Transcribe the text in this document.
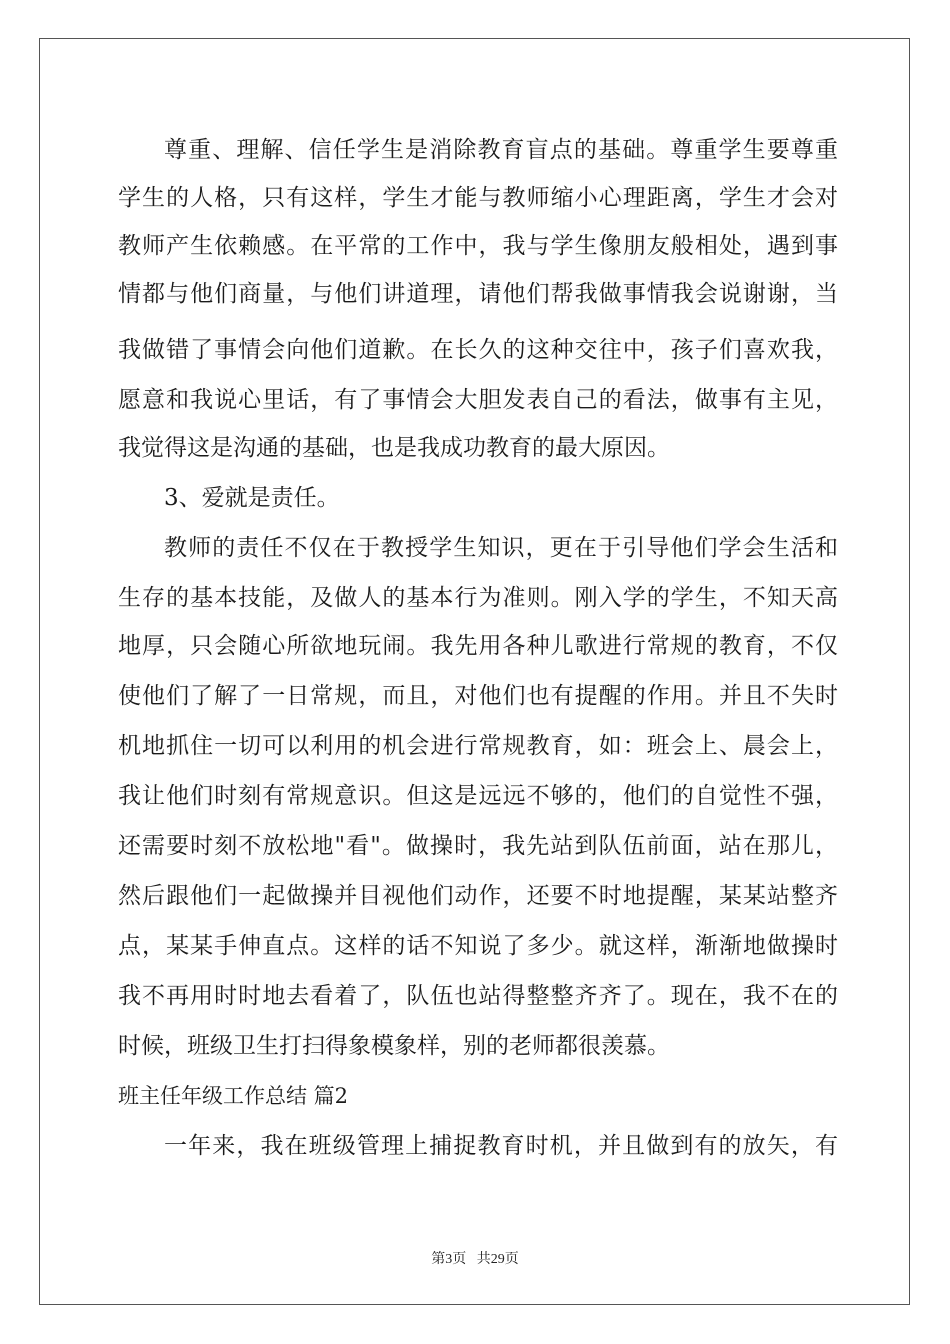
尊重、理解、信任学生是消除教育盲点的基础。尊重学生要尊重
学生的人格，只有这样，学生才能与教师缩小心理距离，学生才会对
教师产生依赖感。在平常的工作中，我与学生像朋友般相处，遇到事
情都与他们商量，与他们讲道理，请他们帮我做事情我会说谢谢，当
我做错了事情会向他们道歉。在长久的这种交往中，孩子们喜欢我，
愿意和我说心里话，有了事情会大胆发表自己的看法，做事有主见，
我觉得这是沟通的基础，也是我成功教育的最大原因。
3、爱就是责任。
教师的责任不仅在于教授学生知识，更在于引导他们学会生活和
生存的基本技能，及做人的基本行为准则。刚入学的学生，不知天高
地厚，只会随心所欲地玩闹。我先用各种儿歌进行常规的教育，不仅
使他们了解了一日常规，而且，对他们也有提醒的作用。并且不失时
机地抓住一切可以利用的机会进行常规教育，如：班会上、晨会上，
我让他们时刻有常规意识。但这是远远不够的，他们的自觉性不强，
还需要时刻不放松地"看"。做操时，我先站到队伍前面，站在那儿，
然后跟他们一起做操并目视他们动作，还要不时地提醒，某某站整齐
点，某某手伸直点。这样的话不知说了多少。就这样，渐渐地做操时
我不再用时时地去看着了，队伍也站得整整齐齐了。现在，我不在的
时候，班级卫生打扫得象模象样，别的老师都很羡慕。
班主任年级工作总结 篇2
一年来，我在班级管理上捕捉教育时机，并且做到有的放矢，有
第3页   共29页
